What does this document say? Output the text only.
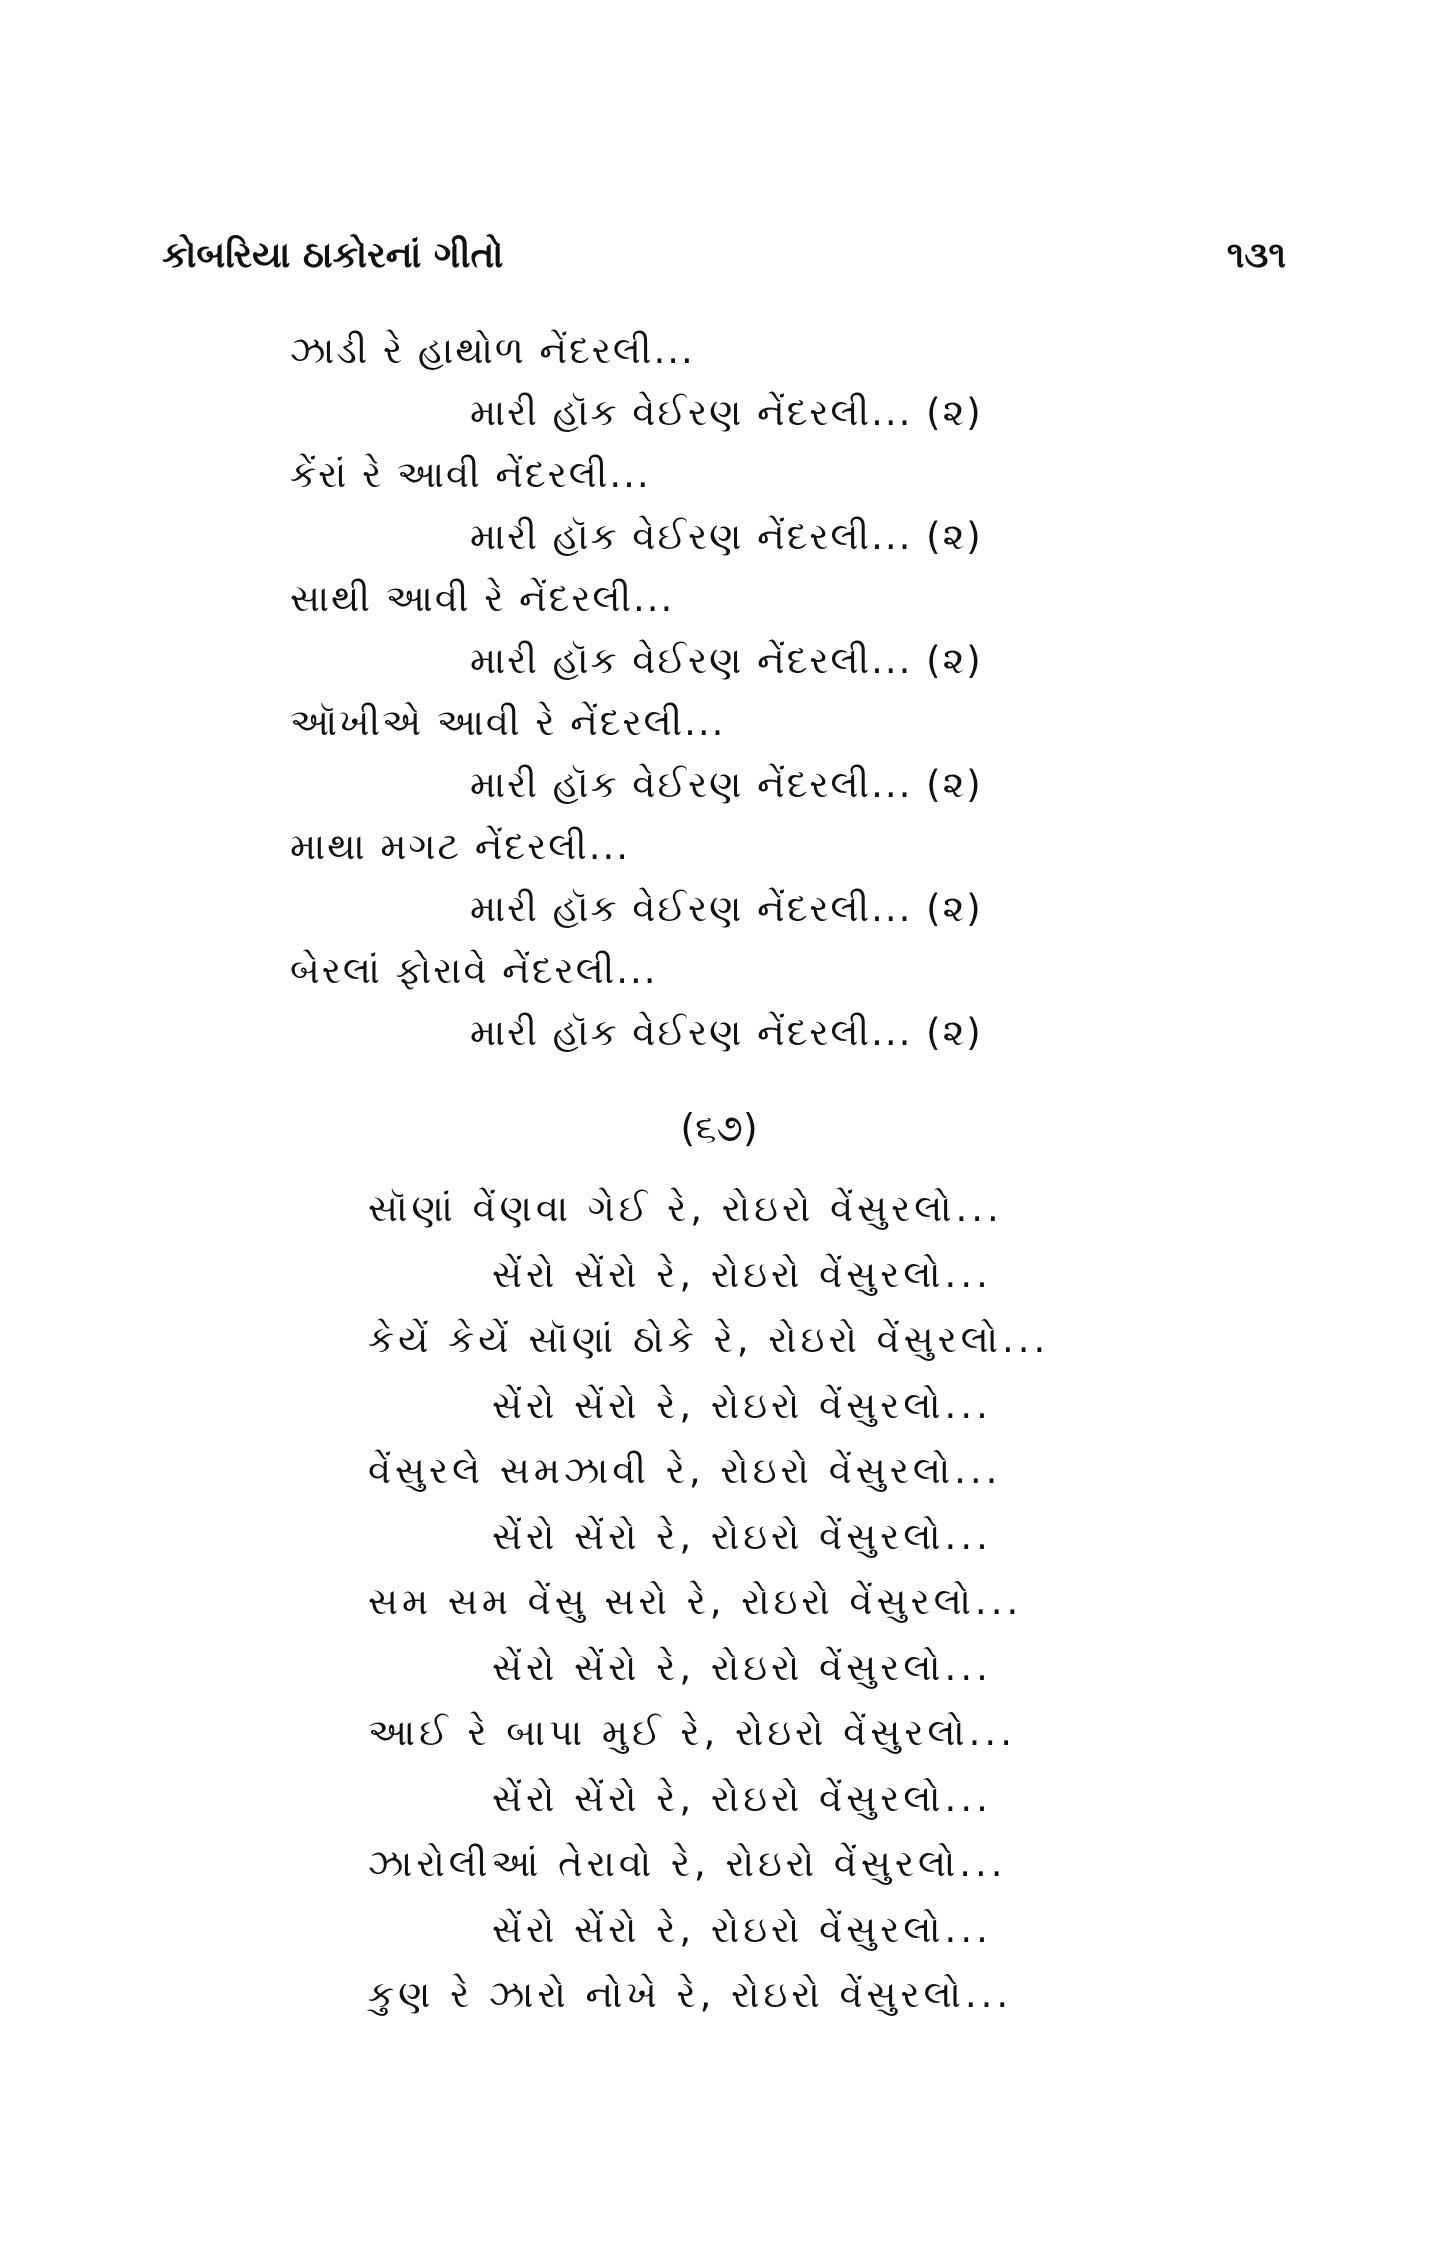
કોબરિયા ઠાકોરનાં ગીતો	૧૩૧
ઝાડી રે હાથોળ નેંદરલી...
મારી હૉક વેઈરણ નેંદરલી... (૨)
કેંરાં રે આવી નેંદરલી...
મારી હૉક વેઈરણ નેંદરલી... (૨)
સાથી આવી રે નેંદરલી...
મારી હૉક વેઈરણ નેંદરલી... (૨)
ઑખીએ આવી રે નેંદરલી...
મારી હૉક વેઈરણ નેંદરલી... (૨)
માથા મગટ નેંદરલી...
મારી હૉક વેઈરણ નેંદરલી... (૨)
બેરલાં ફોરાવે નેંદરલી...
મારી હૉક વેઈરણ નેંદરલી... (૨)
(૬૭)
સૉણાં વેંણવા ગેઈ રે, રોઇરો વેંસુરલો...
સેંરો સેંરો રે, રોઇરો વેંસુરલો...
કેયેં કેયેં સૉણાં ઠોકે રે, રોઇરો વેંસુરલો...
સેંરો સેંરો રે, રોઇરો વેંસુરલો...
વેંસુરલે સમઝાવી રે, રોઇરો વેંસુરલો...
સેંરો સેંરો રે, રોઇરો વેંસુરલો...
સમ સમ વેંસુ સરો રે, રોઇરો વેંસુરલો...
સેંરો સેંરો રે, રોઇરો વેંસુરલો...
આઈ રે બાપા મુઈ રે, રોઇરો વેંસુરલો...
સેંરો સેંરો રે, રોઇરો વેંસુરલો...
ઝારોલીઆં તેરાવો રે, રોઇરો વેંસુરલો...
સેંરો સેંરો રે, રોઇરો વેંસુરલો...
કુણ રે ઝારો નોખે રે, રોઇરો વેંસુરલો...
